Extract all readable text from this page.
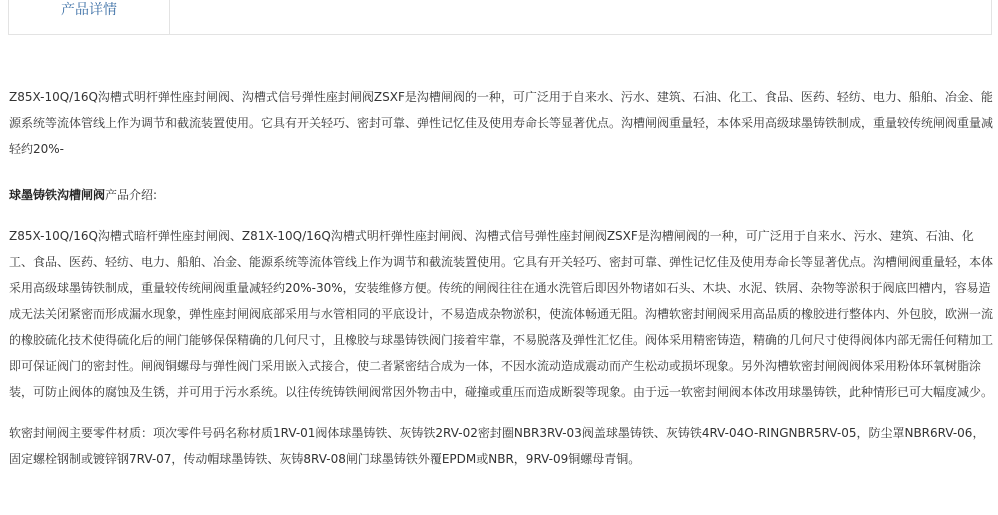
产品详情

Z85X-10Q/16Q沟槽式明杆弹性座封闸阀、沟槽式信号弹性座封闸阀ZSXF是沟槽闸阀的一种，可广泛用于自来水、污水、建筑、石油、化工、食品、医药、轻纺、电力、船舶、冶金、能源系统等流体管线上作为调节和截流装置使用。它具有开关轻巧、密封可靠、弹性记忆佳及使用寿命长等显著优点。沟槽闸阀重量轻，本体采用高级球墨铸铁制成，重量较传统闸阀重量减轻约20%-

球墨铸铁沟槽闸阀产品介绍:

Z85X-10Q/16Q沟槽式暗杆弹性座封闸阀、Z81X-10Q/16Q沟槽式明杆弹性座封闸阀、沟槽式信号弹性座封闸阀ZSXF是沟槽闸阀的一种，可广泛用于自来水、污水、建筑、石油、化工、食品、医药、轻纺、电力、船舶、冶金、能源系统等流体管线上作为调节和截流装置使用。它具有开关轻巧、密封可靠、弹性记忆佳及使用寿命长等显著优点。沟槽闸阀重量轻，本体采用高级球墨铸铁制成，重量较传统闸阀重量减轻约20%-30%，安装维修方便。传统的闸阀往往在通水洗管后即因外物诸如石头、木块、水泥、铁屑、杂物等淤积于阀底凹槽内，容易造成无法关闭紧密而形成漏水现象，弹性座封闸阀底部采用与水管相同的平底设计，不易造成杂物淤积，使流体畅通无阻。沟槽软密封闸阀采用高品质的橡胶进行整体内、外包胶，欧洲一流的橡胶硫化技术使得硫化后的闸门能够保保精确的几何尺寸，且橡胶与球墨铸铁阀门接着牢靠，不易脱落及弹性汇忆佳。阀体采用精密铸造，精确的几何尺寸使得阀体内部无需任何精加工即可保证阀门的密封性。闸阀铜螺母与弹性阀门采用嵌入式接合，使二者紧密结合成为一体，不因水流动造成震动而产生松动或损坏现象。另外沟槽软密封闸阀阀体采用粉体环氧树脂涂装，可防止阀体的腐蚀及生锈，并可用于污水系统。以往传统铸铁闸阀常因外物击中，碰撞或重压而造成断裂等现象。由于远一软密封闸阀本体改用球墨铸铁，此种情形已可大幅度减少。

软密封闸阀主要零件材质：项次零件号码名称材质1RV-01阀体球墨铸铁、灰铸铁2RV-02密封圈NBR3RV-03阀盖球墨铸铁、灰铸铁4RV-04O-RINGNBR5RV-05，防尘罩NBR6RV-06，固定螺栓钢制或镀锌钢7RV-07，传动帽球墨铸铁、灰铸8RV-08闸门球墨铸铁外覆EPDM或NBR，9RV-09铜螺母青铜。
